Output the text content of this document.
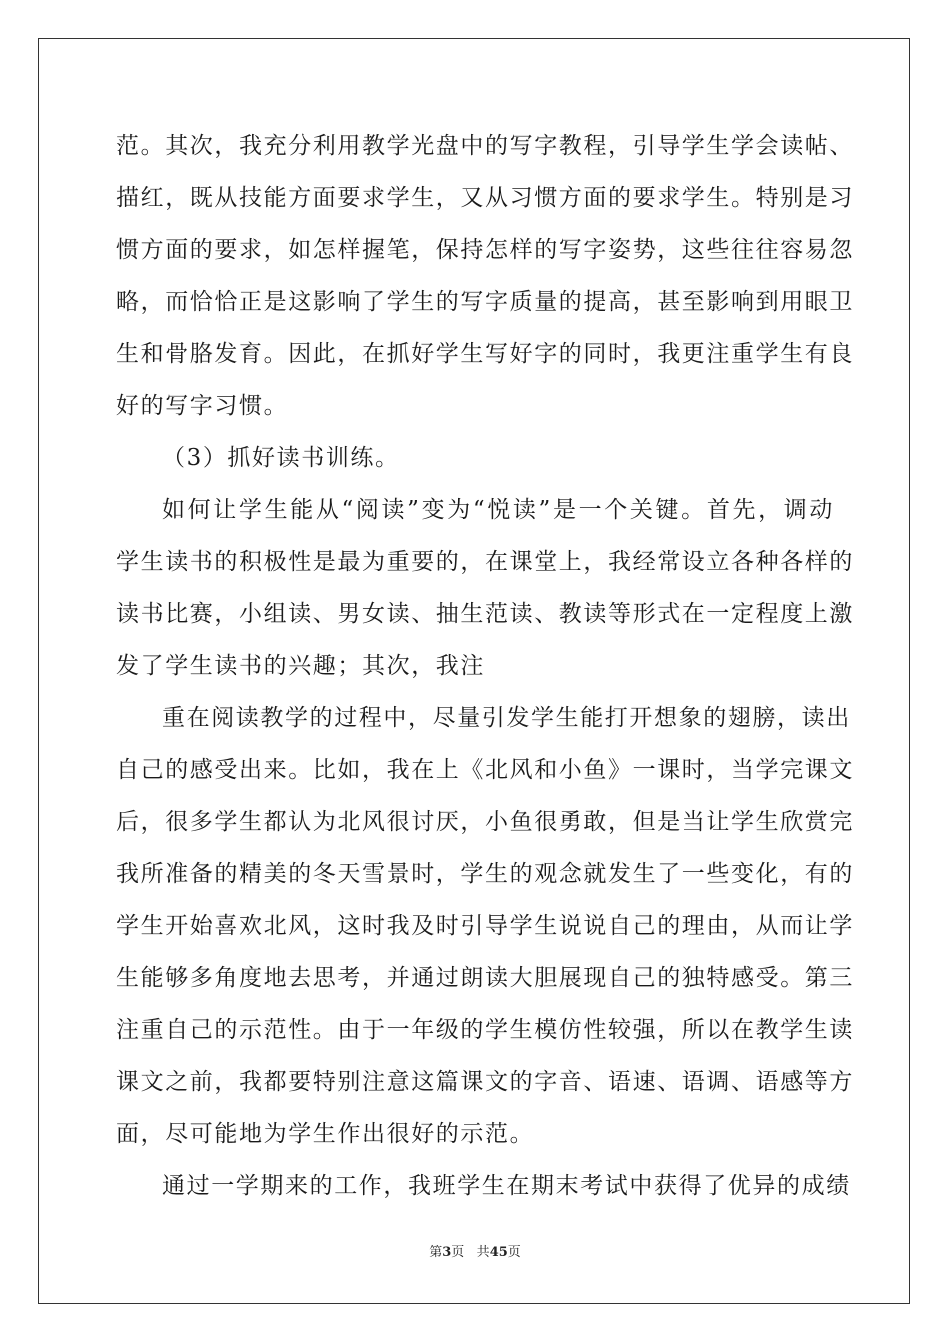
范。其次，我充分利用教学光盘中的写字教程，引导学生学会读帖、
描红，既从技能方面要求学生，又从习惯方面的要求学生。特别是习
惯方面的要求，如怎样握笔，保持怎样的写字姿势，这些往往容易忽
略，而恰恰正是这影响了学生的写字质量的提高，甚至影响到用眼卫
生和骨胳发育。因此，在抓好学生写好字的同时，我更注重学生有良
好的写字习惯。
（3）抓好读书训练。
如何让学生能从“阅读”变为“悦读”是一个关键。首先，调动
学生读书的积极性是最为重要的，在课堂上，我经常设立各种各样的
读书比赛，小组读、男女读、抽生范读、教读等形式在一定程度上激
发了学生读书的兴趣；其次，我注
重在阅读教学的过程中，尽量引发学生能打开想象的翅膀，读出
自己的感受出来。比如，我在上《北风和小鱼》一课时，当学完课文
后，很多学生都认为北风很讨厌，小鱼很勇敢，但是当让学生欣赏完
我所准备的精美的冬天雪景时，学生的观念就发生了一些变化，有的
学生开始喜欢北风，这时我及时引导学生说说自己的理由，从而让学
生能够多角度地去思考，并通过朗读大胆展现自己的独特感受。第三
注重自己的示范性。由于一年级的学生模仿性较强，所以在教学生读
课文之前，我都要特别注意这篇课文的字音、语速、语调、语感等方
面，尽可能地为学生作出很好的示范。
通过一学期来的工作，我班学生在期末考试中获得了优异的成绩
第3页 共45页
